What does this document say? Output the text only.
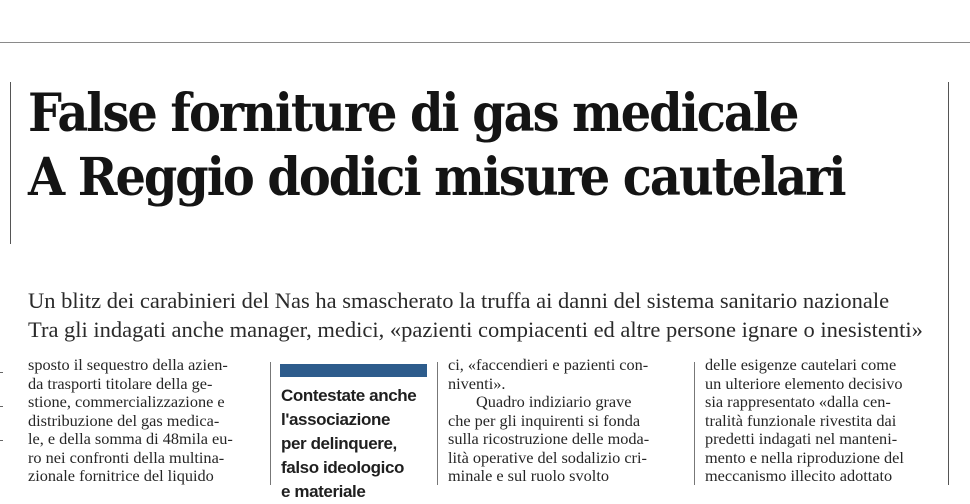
False forniture di gas medicale
A Reggio dodici misure cautelari
Un blitz dei carabinieri del Nas ha smascherato la truffa ai danni del sistema sanitario nazionale
Tra gli indagati anche manager, medici, «pazienti compiacenti ed altre persone ignare o inesistenti»
sposto il sequestro della azien-
da trasporti titolare della ge-
stione, commercializzazione e
distribuzione del gas medica-
le, e della somma di 48mila eu-
ro nei confronti della multina-
zionale fornitrice del liquido
Contestate anche
l'associazione
per delinquere,
falso ideologico
e materiale
ci, «faccendieri e pazienti con-
niventi».
Quadro indiziario grave
che per gli inquirenti si fonda
sulla ricostruzione delle moda-
lità operative del sodalizio cri-
minale e sul ruolo svolto
delle esigenze cautelari come
un ulteriore elemento decisivo
sia rappresentato «dalla cen-
tralità funzionale rivestita dai
predetti indagati nel manteni-
mento e nella riproduzione del
meccanismo illecito adottato
